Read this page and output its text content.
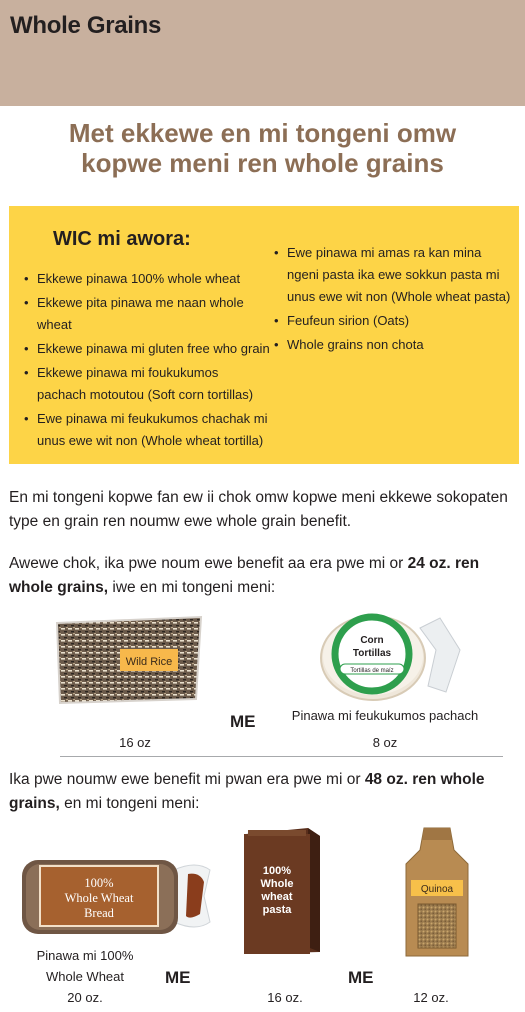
Whole Grains
Met ekkewe en mi tongeni omw
kopwe meni ren whole grains
WIC mi awora:
• Ekkewe pinawa 100% whole wheat
• Ekkewe pita pinawa me naan whole wheat
• Ekkewe pinawa mi gluten free who grain
• Ekkewe pinawa mi foukukumos pachach motoutou (Soft corn tortillas)
• Ewe pinawa mi feukukumos chachak mi unus ewe wit non (Whole wheat tortilla)
• Ewe pinawa mi amas ra kan mina ngeni pasta ika ewe sokkun pasta mi unus ewe wit non (Whole wheat pasta)
• Feufeun sirion (Oats)
• Whole grains non chota
En mi tongeni kopwe fan ew ii chok omw kopwe meni ekkewe sokopaten type en grain ren noumw ewe whole grain benefit.
Awewe chok, ika pwe noum ewe benefit aa era pwe mi or 24 oz. ren whole grains, iwe en mi tongeni meni:
Wild Rice
16 oz
ME
Corn
Tortillas
Tortillas de maíz
Pinawa mi feukukumos pachach
8 oz
Ika pwe noumw ewe benefit mi pwan era pwe mi or 48 oz. ren whole grains, en mi tongeni meni:
100%
Whole Wheat
Bread
Pinawa mi 100%
Whole Wheat
20 oz.
ME
100%
Whole
wheat
pasta
16 oz.
ME
Quinoa
12 oz.
